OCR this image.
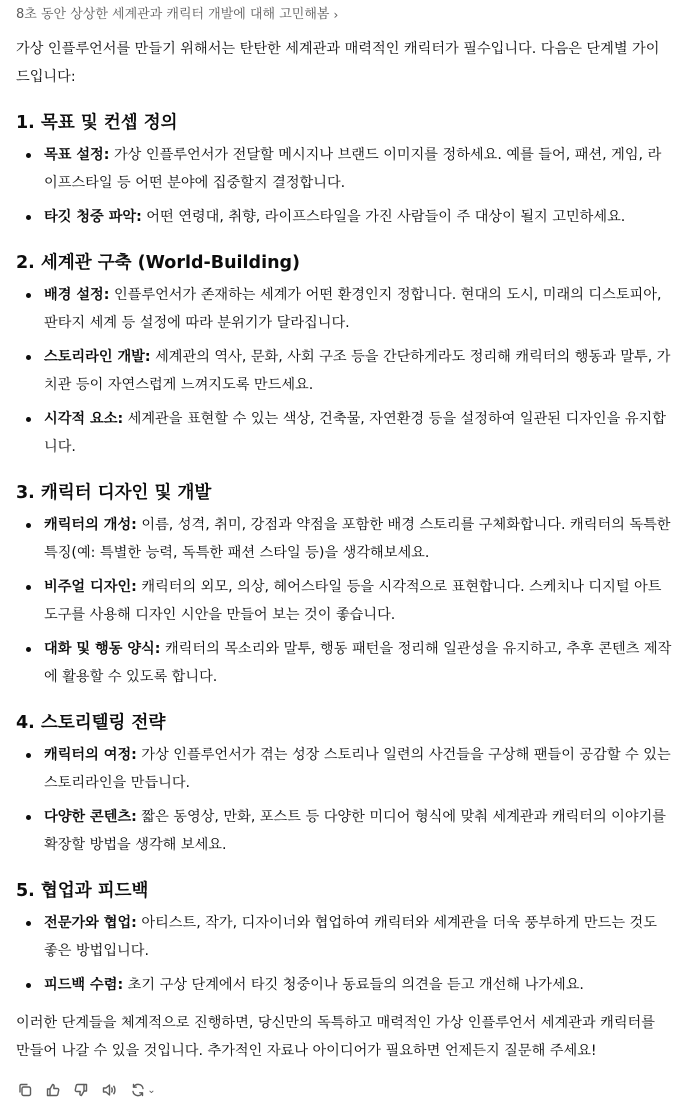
8초 동안 상상한 세계관과 캐릭터 개발에 대해 고민해봄 ›

가상 인플루언서를 만들기 위해서는 탄탄한 세계관과 매력적인 캐릭터가 필수입니다. 다음은 단계별 가이드입니다:

1. 목표 및 컨셉 정의
목표 설정: 가상 인플루언서가 전달할 메시지나 브랜드 이미지를 정하세요. 예를 들어, 패션, 게임, 라이프스타일 등 어떤 분야에 집중할지 결정합니다.
타깃 청중 파악: 어떤 연령대, 취향, 라이프스타일을 가진 사람들이 주 대상이 될지 고민하세요.
2. 세계관 구축 (World-Building)
배경 설정: 인플루언서가 존재하는 세계가 어떤 환경인지 정합니다. 현대의 도시, 미래의 디스토피아, 판타지 세계 등 설정에 따라 분위기가 달라집니다.
스토리라인 개발: 세계관의 역사, 문화, 사회 구조 등을 간단하게라도 정리해 캐릭터의 행동과 말투, 가치관 등이 자연스럽게 느껴지도록 만드세요.
시각적 요소: 세계관을 표현할 수 있는 색상, 건축물, 자연환경 등을 설정하여 일관된 디자인을 유지합니다.
3. 캐릭터 디자인 및 개발
캐릭터의 개성: 이름, 성격, 취미, 강점과 약점을 포함한 배경 스토리를 구체화합니다. 캐릭터의 독특한 특징(예: 특별한 능력, 독특한 패션 스타일 등)을 생각해보세요.
비주얼 디자인: 캐릭터의 외모, 의상, 헤어스타일 등을 시각적으로 표현합니다. 스케치나 디지털 아트 도구를 사용해 디자인 시안을 만들어 보는 것이 좋습니다.
대화 및 행동 양식: 캐릭터의 목소리와 말투, 행동 패턴을 정리해 일관성을 유지하고, 추후 콘텐츠 제작에 활용할 수 있도록 합니다.
4. 스토리텔링 전략
캐릭터의 여정: 가상 인플루언서가 겪는 성장 스토리나 일련의 사건들을 구상해 팬들이 공감할 수 있는 스토리라인을 만듭니다.
다양한 콘텐츠: 짧은 동영상, 만화, 포스트 등 다양한 미디어 형식에 맞춰 세계관과 캐릭터의 이야기를 확장할 방법을 생각해 보세요.
5. 협업과 피드백
전문가와 협업: 아티스트, 작가, 디자이너와 협업하여 캐릭터와 세계관을 더욱 풍부하게 만드는 것도 좋은 방법입니다.
피드백 수렴: 초기 구상 단계에서 타깃 청중이나 동료들의 의견을 듣고 개선해 나가세요.

이러한 단계들을 체계적으로 진행하면, 당신만의 독특하고 매력적인 가상 인플루언서 세계관과 캐릭터를 만들어 나갈 수 있을 것입니다. 추가적인 자료나 아이디어가 필요하면 언제든지 질문해 주세요!

⌄
